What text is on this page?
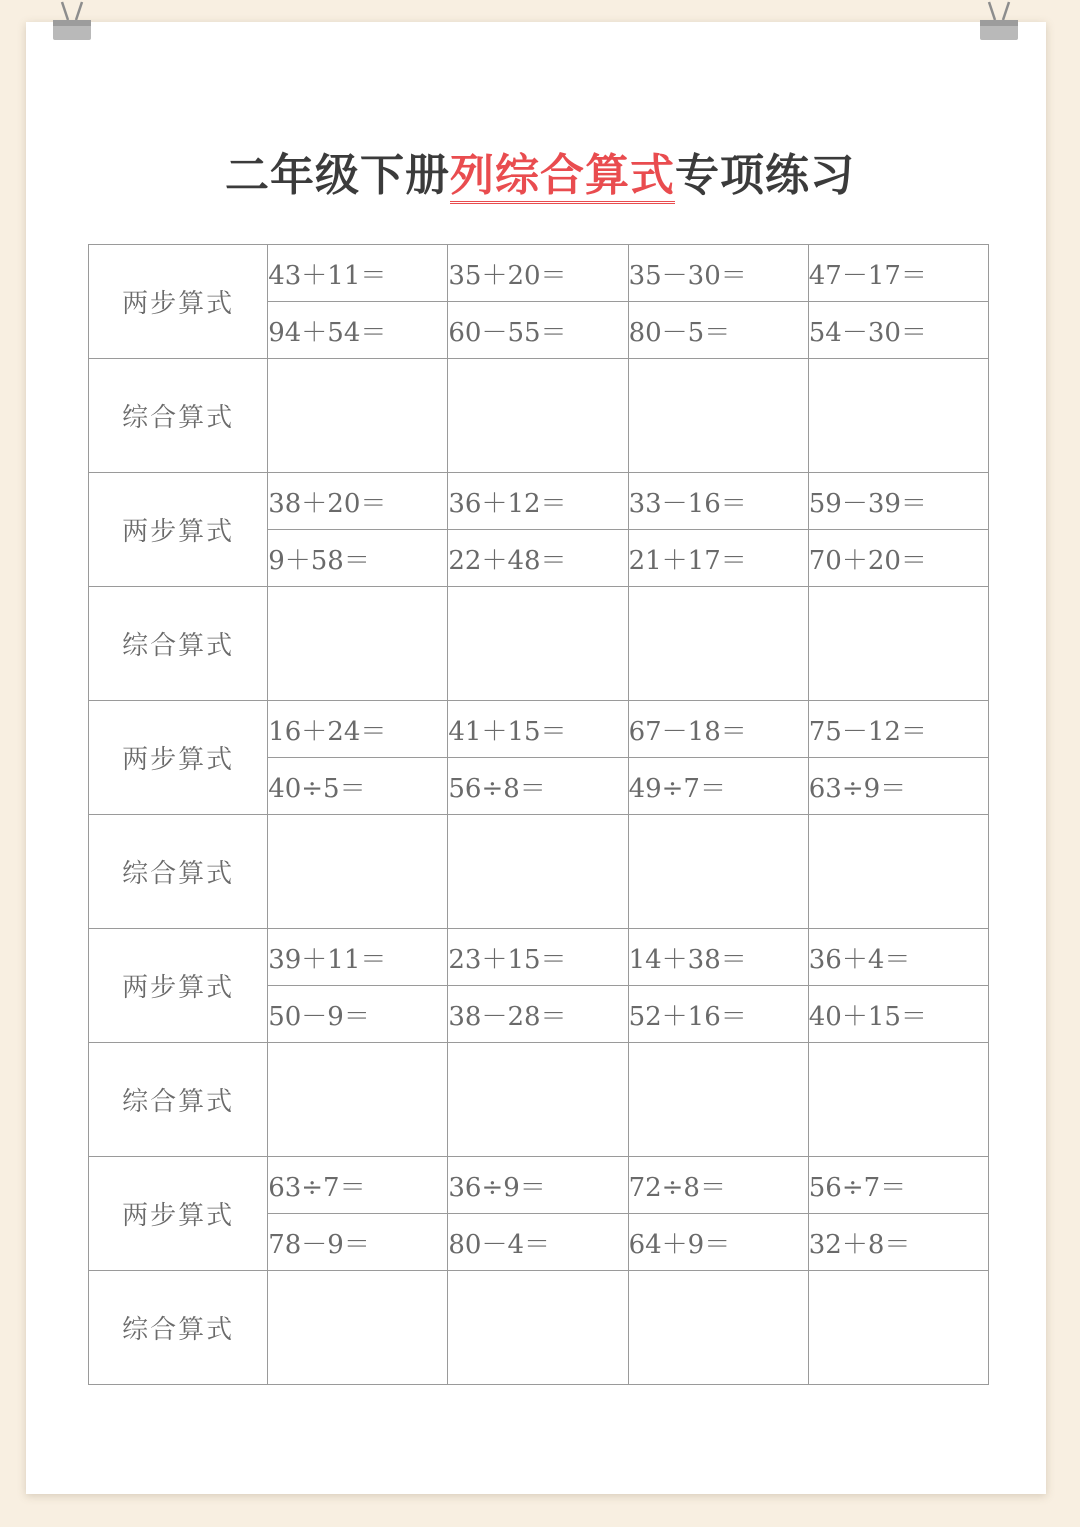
二年级下册列综合算式专项练习
两步算式	43＋11＝	35＋20＝	35－30＝	47－17＝
	94＋54＝	60－55＝	80－5＝	54－30＝
综合算式				
两步算式	38＋20＝	36＋12＝	33－16＝	59－39＝
	9＋58＝	22＋48＝	21＋17＝	70＋20＝
综合算式				
两步算式	16＋24＝	41＋15＝	67－18＝	75－12＝
	40÷5＝	56÷8＝	49÷7＝	63÷9＝
综合算式				
两步算式	39＋11＝	23＋15＝	14＋38＝	36＋4＝
	50－9＝	38－28＝	52＋16＝	40＋15＝
综合算式				
两步算式	63÷7＝	36÷9＝	72÷8＝	56÷7＝
	78－9＝	80－4＝	64＋9＝	32＋8＝
综合算式				
